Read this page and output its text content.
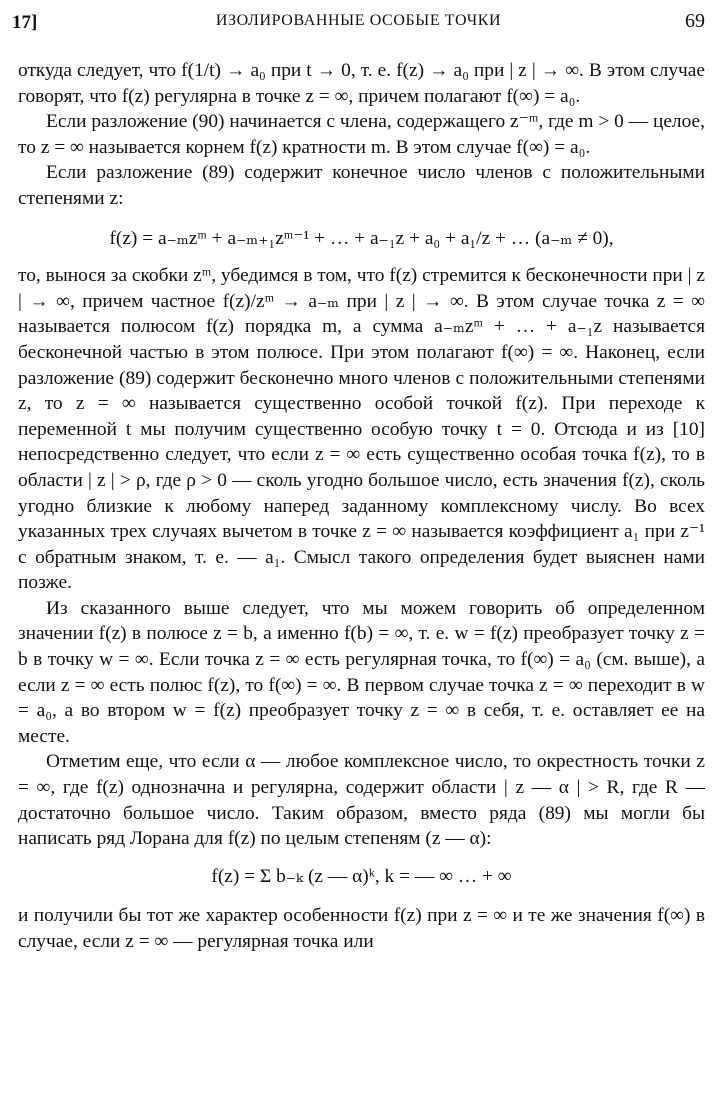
17]	ИЗОЛИРОВАННЫЕ ОСОБЫЕ ТОЧКИ	69

откуда следует, что f(1/t) → a₀ при t → 0, т. е. f(z) → a₀ при | z | → ∞. В этом случае говорят, что f(z) регулярна в точке z = ∞, причем полагают f(∞) = a₀.

Если разложение (90) начинается с члена, содержащего z⁻ᵐ, где m > 0 — целое, то z = ∞ называется корнем f(z) кратности m. В этом случае f(∞) = a₀.

Если разложение (89) содержит конечное число членов с положительными степенями z:

f(z) = a₋ₘzᵐ + a₋ₘ₊₁zᵐ⁻¹ + … + a₋₁z + a₀ + a₁/z + … (a₋ₘ ≠ 0),

то, вынося за скобки zᵐ, убедимся в том, что f(z) стремится к бесконечности при | z | → ∞, причем частное f(z)/zᵐ → a₋ₘ при | z | → ∞. В этом случае точка z = ∞ называется полюсом f(z) порядка m, а сумма a₋ₘzᵐ + … + a₋₁z называется бесконечной частью в этом полюсе. При этом полагают f(∞) = ∞. Наконец, если разложение (89) содержит бесконечно много членов с положительными степенями z, то z = ∞ называется существенно особой точкой f(z). При переходе к переменной t мы получим существенно особую точку t = 0. Отсюда и из [10] непосредственно следует, что если z = ∞ есть существенно особая точка f(z), то в области | z | > ρ, где ρ > 0 — сколь угодно большое число, есть значения f(z), сколь угодно близкие к любому наперед заданному комплексному числу. Во всех указанных трех случаях вычетом в точке z = ∞ называется коэффициент a₁ при z⁻¹ с обратным знаком, т. е. — a₁. Смысл такого определения будет выяснен нами позже.

Из сказанного выше следует, что мы можем говорить об определенном значении f(z) в полюсе z = b, а именно f(b) = ∞, т. е. w = f(z) преобразует точку z = b в точку w = ∞. Если точка z = ∞ есть регулярная точка, то f(∞) = a₀ (см. выше), а если z = ∞ есть полюс f(z), то f(∞) = ∞. В первом случае точка z = ∞ переходит в w = a₀, а во втором w = f(z) преобразует точку z = ∞ в себя, т. е. оставляет ее на месте.

Отметим еще, что если α — любое комплексное число, то окрестность точки z = ∞, где f(z) однозначна и регулярна, содержит области | z — α | > R, где R — достаточно большое число. Таким образом, вместо ряда (89) мы могли бы написать ряд Лорана для f(z) по целым степеням (z — α):

f(z) = Σ b₋ₖ (z — α)ᵏ, k = — ∞ … + ∞

и получили бы тот же характер особенности f(z) при z = ∞ и те же значения f(∞) в случае, если z = ∞ — регулярная точка или
